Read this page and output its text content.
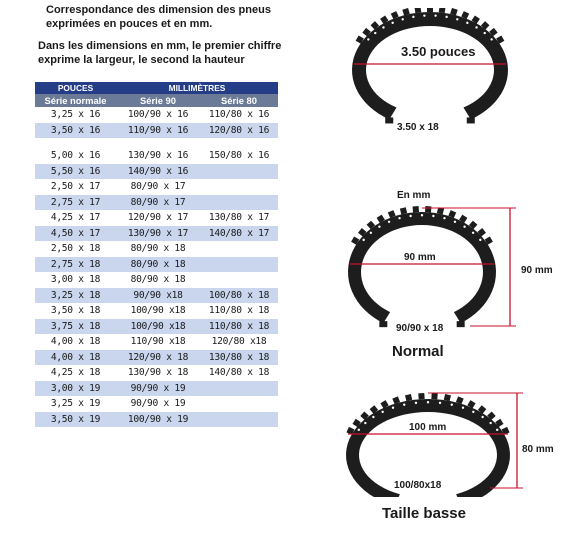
Correspondance des dimension des pneus exprimées en pouces et en mm.
Dans les dimensions en mm, le premier chiffre exprime la largeur, le second la hauteur
POUCES	MILLIMÈTRES	
Série normale	Série 90	Série 80
3,25 x 16	100/90 x 16	110/80 x 16
3,50 x 16	110/90 x 16	120/80 x 16

5,00 x 16	130/90 x 16	150/80 x 16
5,50 x 16	140/90 x 16	
2,50 x 17	80/90 x 17	
2,75 x 17	80/90 x 17	
4,25 x 17	120/90 x 17	130/80 x 17
4,50 x 17	130/90 x 17	140/80 x 17
2,50 x 18	80/90 x 18	
2,75 x 18	80/90 x 18	
3,00 x 18	80/90 x 18	
3,25 x 18	90/90 x18	100/80 x 18
3,50 x 18	100/90 x18	110/80 x 18
3,75 x 18	100/90 x18	110/80 x 18
4,00 x 18	110/90 x18	120/80 x18
4,00 x 18	120/90 x 18	130/80 x 18
4,25 x 18	130/90 x 18	140/80 x 18
3,00 x 19	90/90 x 19	
3,25 x 19	90/90 x 19	
3,50 x 19	100/90 x 19	
3.50 pouces
3.50 x 18
En mm
90 mm
90 mm
90/90 x 18
Normal
100 mm
80 mm
100/80x18
Taille basse
